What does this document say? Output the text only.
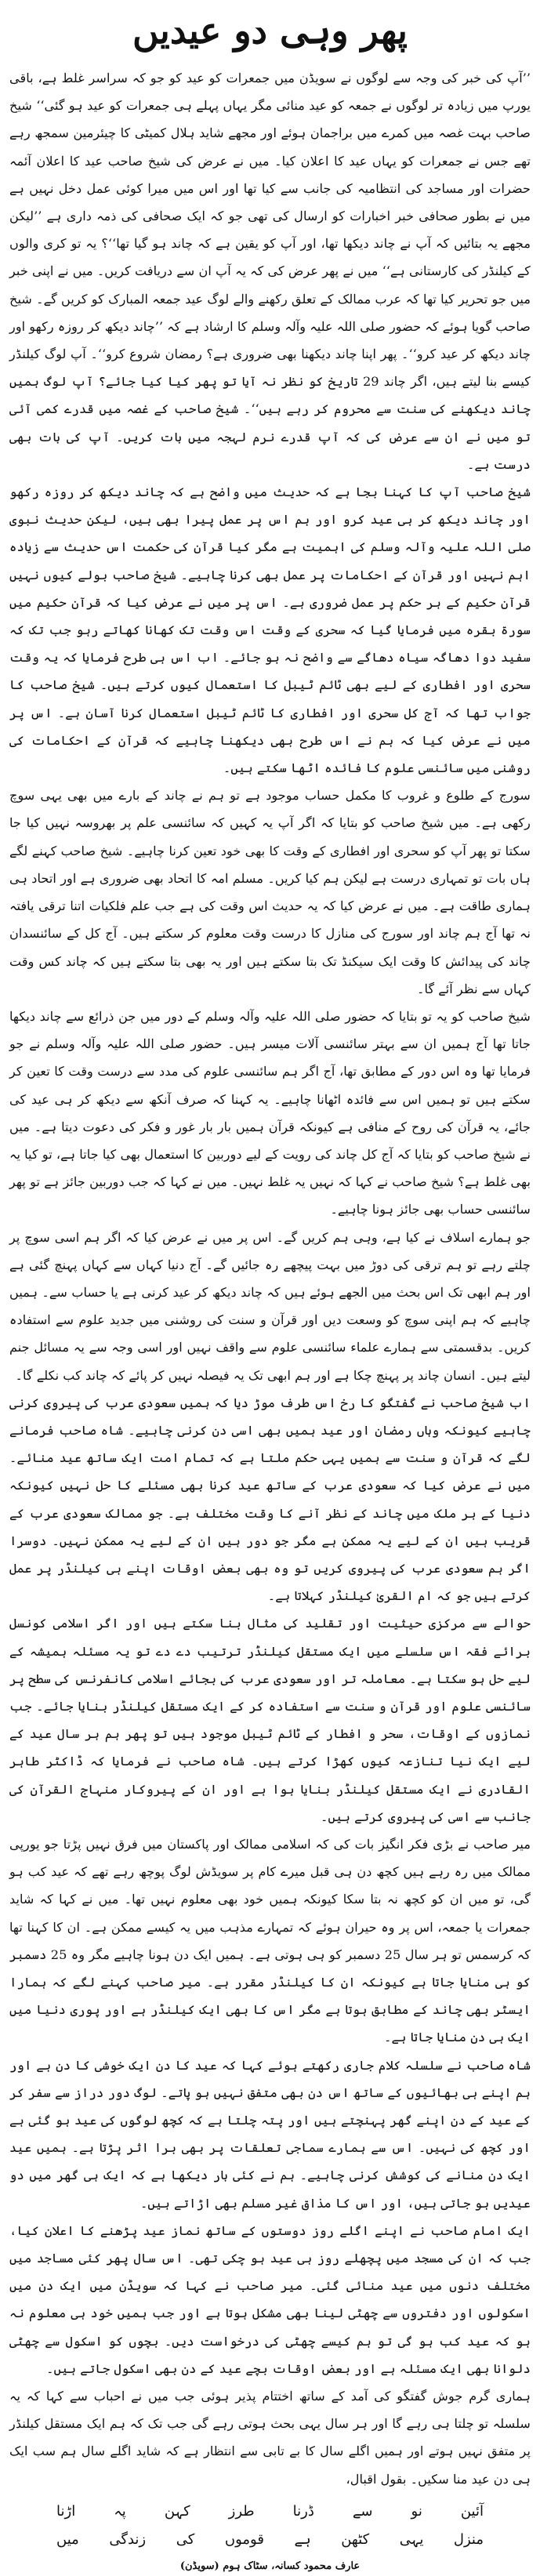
پھر وہی دو عیدیں

’’آپ کی خبر کی وجہ سے لوگوں نے سویڈن میں جمعرات کو عید کو جو کہ سراسر غلط ہے، باقی یورپ میں زیادہ تر لوگوں نے جمعہ کو عید منائی مگر یہاں پہلے ہی جمعرات کو عید ہو گئی‘‘ شیخ صاحب بہت غصہ میں کمرے میں براجمان ہوئے اور مجھے شاید ہلال کمیٹی کا چیئرمین سمجھ رہے تھے جس نے جمعرات کو یہاں عید کا اعلان کیا۔ میں نے عرض کی شیخ صاحب عید کا اعلان آئمہ حضرات اور مساجد کی انتظامیہ کی جانب سے کیا تھا اور اس میں میرا کوئی عمل دخل نہیں ہے میں نے بطور صحافی خبر اخبارات کو ارسال کی تھی جو کہ ایک صحافی کی ذمہ داری ہے ’’لیکن مجھے یہ بتائیں کہ آپ نے چاند دیکھا تھا، اور آپ کو یقین ہے کہ چاند ہو گیا تھا‘‘؟ یہ تو کری والوں کے کیلنڈر کی کارستانی ہے‘‘ میں نے پھر عرض کی کہ یہ آپ ان سے دریافت کریں۔ میں نے اپنی خبر میں جو تحریر کیا تھا کہ عرب ممالک کے تعلق رکھنے والے لوگ عید جمعہ المبارک کو کریں گے۔ شیخ صاحب گویا ہوئے کہ حضور صلی اللہ علیہ وآلہ وسلم کا ارشاد ہے کہ ’’چاند دیکھ کر روزہ رکھو اور چاند دیکھ کر عید کرو‘‘۔ پھر اپنا چاند دیکھنا بھی ضروری ہے؟ رمضان شروع کرو‘‘۔ آپ لوگ کیلنڈر کیسے بنا لیتے ہیں، اگر چاند 29 تاریخ کو نظر نہ آیا تو پھر کیا کیا جائے؟ آپ لوگ ہمیں چاند دیکھنے کی سنت سے محروم کر رہے ہیں‘‘۔ شیخ صاحب کے غصہ میں قدرے کمی آئی تو میں نے ان سے عرض کی کہ آپ قدرے نرم لہجہ میں بات کریں۔ آپ کی بات بھی درست ہے۔

شیخ صاحب آپ کا کہنا بجا ہے کہ حدیث میں واضح ہے کہ چاند دیکھ کر روزہ رکھو اور چاند دیکھ کر ہی عید کرو اور ہم اس پر عمل پیرا بھی ہیں، لیکن حدیث نبوی صلی اللہ علیہ وآلہ وسلم کی اہمیت ہے مگر کیا قرآن کی حکمت اس حدیث سے زیادہ اہم نہیں اور قرآن کے احکامات پر عمل بھی کرنا چاہیے۔ شیخ صاحب بولے کیوں نہیں قرآن حکیم کے ہر حکم پر عمل ضروری ہے۔ اس پر میں نے عرض کیا کہ قرآن حکیم میں سورۃ بقرہ میں فرمایا گیا کہ سحری کے وقت اس وقت تک کھانا کھاتے رہو جب تک کہ سفید دوا دھاگہ سیاہ دھاگے سے واضح نہ ہو جائے۔ اب اس ہی طرح فرمایا کہ یہ وقت سحری اور افطاری کے لیے بھی ٹائم ٹیبل کا استعمال کیوں کرتے ہیں۔ شیخ صاحب کا جواب تھا کہ آج کل سحری اور افطاری کا ٹائم ٹیبل استعمال کرنا آسان ہے۔ اس پر میں نے عرض کیا کہ ہم نے اس طرح بھی دیکھنا چاہیے کہ قرآن کے احکامات کی روشنی میں سائنسی علوم کا فائدہ اٹھا سکتے ہیں۔

سورج کے طلوع و غروب کا مکمل حساب موجود ہے تو ہم نے چاند کے بارے میں بھی یہی سوچ رکھی ہے۔ میں شیخ صاحب کو بتایا کہ اگر آپ یہ کہیں کہ سائنسی علم پر بھروسہ نہیں کیا جا سکتا تو پھر آپ کو سحری اور افطاری کے وقت کا بھی خود تعین کرنا چاہیے۔ شیخ صاحب کہنے لگے ہاں بات تو تمہاری درست ہے لیکن ہم کیا کریں۔ مسلم امہ کا اتحاد بھی ضروری ہے اور اتحاد ہی ہماری طاقت ہے۔ میں نے عرض کیا کہ یہ حدیث اس وقت کی ہے جب علم فلکیات اتنا ترقی یافتہ نہ تھا آج ہم چاند اور سورج کی منازل کا درست وقت معلوم کر سکتے ہیں۔ آج کل کے سائنسدان چاند کی پیدائش کا وقت ایک سیکنڈ تک بتا سکتے ہیں اور یہ بھی بتا سکتے ہیں کہ چاند کس وقت کہاں سے نظر آئے گا۔

شیخ صاحب کو یہ تو بتایا کہ حضور صلی اللہ علیہ وآلہ وسلم کے دور میں جن ذرائع سے چاند دیکھا جاتا تھا آج ہمیں ان سے بہتر سائنسی آلات میسر ہیں۔ حضور صلی اللہ علیہ وآلہ وسلم نے جو فرمایا تھا وہ اس دور کے مطابق تھا، آج اگر ہم سائنسی علوم کی مدد سے درست وقت کا تعین کر سکتے ہیں تو ہمیں اس سے فائدہ اٹھانا چاہیے۔ یہ کہنا کہ صرف آنکھ سے دیکھ کر ہی عید کی جائے، یہ قرآن کی روح کے منافی ہے کیونکہ قرآن ہمیں بار بار غور و فکر کی دعوت دیتا ہے۔ میں نے شیخ صاحب کو بتایا کہ آج کل چاند کی رویت کے لیے دوربین کا استعمال بھی کیا جاتا ہے، تو کیا یہ بھی غلط ہے؟ شیخ صاحب نے کہا کہ نہیں یہ غلط نہیں۔ میں نے کہا کہ جب دوربین جائز ہے تو پھر سائنسی حساب بھی جائز ہونا چاہیے۔

جو ہمارے اسلاف نے کیا ہے، وہی ہم کریں گے۔ اس پر میں نے عرض کیا کہ اگر ہم اسی سوچ پر چلتے رہے تو ہم ترقی کی دوڑ میں بہت پیچھے رہ جائیں گے۔ آج دنیا کہاں سے کہاں پہنچ گئی ہے اور ہم ابھی تک اس بحث میں الجھے ہوئے ہیں کہ چاند دیکھ کر عید کرنی ہے یا حساب سے۔ ہمیں چاہیے کہ ہم اپنی سوچ کو وسعت دیں اور قرآن و سنت کی روشنی میں جدید علوم سے استفادہ کریں۔ بدقسمتی سے ہمارے علماء سائنسی علوم سے واقف نہیں اور اسی وجہ سے یہ مسائل جنم لیتے ہیں۔ انسان چاند پر پہنچ چکا ہے اور ہم ابھی تک یہ فیصلہ نہیں کر پائے کہ چاند کب نکلے گا۔

اب شیخ صاحب نے گفتگو کا رخ اس طرف موڑ دیا کہ ہمیں سعودی عرب کی پیروی کرنی چاہیے کیونکہ وہاں رمضان اور عید ہمیں بھی اسی دن کرنی چاہیے۔ شاہ صاحب فرمانے لگے کہ قرآن و سنت سے ہمیں یہی حکم ملتا ہے کہ تمام امت ایک ساتھ عید منائے۔ میں نے عرض کیا کہ سعودی عرب کے ساتھ عید کرنا بھی مسئلے کا حل نہیں کیونکہ دنیا کے ہر ملک میں چاند کے نظر آنے کا وقت مختلف ہے۔ جو ممالک سعودی عرب کے قریب ہیں ان کے لیے یہ ممکن ہے مگر جو دور ہیں ان کے لیے یہ ممکن نہیں۔ دوسرا اگر ہم سعودی عرب کی پیروی کریں تو وہ بھی بعض اوقات اپنے ہی کیلنڈر پر عمل کرتے ہیں جو کہ ام القریٰ کیلنڈر کہلاتا ہے۔

حوالے سے مرکزی حیثیت اور تقلید کی مثال بنا سکتے ہیں اور اگر اسلامی کونسل برائے فقہ اس سلسلے میں ایک مستقل کیلنڈر ترتیب دے دے تو یہ مسئلہ ہمیشہ کے لیے حل ہو سکتا ہے۔ معاملہ تر اور سعودی عرب کی بجائے اسلامی کانفرنس کی سطح پر سائنسی علوم اور قرآن و سنت سے استفادہ کر کے ایک مستقل کیلنڈر بنایا جائے۔ جب نمازوں کے اوقات، سحر و افطار کے ٹائم ٹیبل موجود ہیں تو پھر ہم ہر سال عید کے لیے ایک نیا تنازعہ کیوں کھڑا کرتے ہیں۔ شاہ صاحب نے فرمایا کہ ڈاکٹر طاہر القادری نے ایک مستقل کیلنڈر بنایا ہوا ہے اور ان کے پیروکار منہاج القرآن کی جانب سے اسی کی پیروی کرتے ہیں۔

میر صاحب نے بڑی فکر انگیز بات کی کہ اسلامی ممالک اور پاکستان میں فرق نہیں پڑتا جو یورپی ممالک میں رہ رہے ہیں کچھ دن ہی قبل میرے کام پر سویڈش لوگ پوچھ رہے تھے کہ عید کب ہو گی، تو میں ان کو کچھ نہ بتا سکا کیونکہ ہمیں خود بھی معلوم نہیں تھا۔ میں نے کہا کہ شاید جمعرات یا جمعہ، اس پر وہ حیران ہوئے کہ تمہارے مذہب میں یہ کیسے ممکن ہے۔ ان کا کہنا تھا کہ کرسمس تو ہر سال 25 دسمبر کو ہی ہوتی ہے۔ ہمیں ایک دن ہونا چاہیے مگر وہ 25 دسمبر کو ہی منایا جاتا ہے کیونکہ ان کا کیلنڈر مقرر ہے۔ میر صاحب کہنے لگے کہ ہمارا ایسٹر بھی چاند کے مطابق ہوتا ہے مگر اس کا بھی ایک کیلنڈر ہے اور پوری دنیا میں ایک ہی دن منایا جاتا ہے۔

شاہ صاحب نے سلسلہ کلام جاری رکھتے ہوئے کہا کہ عید کا دن ایک خوشی کا دن ہے اور ہم اپنے ہی بھائیوں کے ساتھ اس دن بھی متفق نہیں ہو پاتے۔ لوگ دور دراز سے سفر کر کے عید کے دن اپنے گھر پہنچتے ہیں اور پتہ چلتا ہے کہ کچھ لوگوں کی عید ہو گئی ہے اور کچھ کی نہیں۔ اس سے ہمارے سماجی تعلقات پر بھی برا اثر پڑتا ہے۔ ہمیں عید ایک دن منانے کی کوشش کرنی چاہیے۔ ہم نے کئی بار دیکھا ہے کہ ایک ہی گھر میں دو عیدیں ہو جاتی ہیں، اور اس کا مذاق غیر مسلم بھی اڑاتے ہیں۔

ایک امام صاحب نے اپنے اگلے روز دوستوں کے ساتھ نماز عید پڑھنے کا اعلان کیا، جب کہ ان کی مسجد میں پچھلے روز ہی عید ہو چکی تھی۔ اس سال پھر کئی مساجد میں مختلف دنوں میں عید منائی گئی۔ میر صاحب نے کہا کہ سویڈن میں ایک دن میں اسکولوں اور دفتروں سے چھٹی لینا بھی مشکل ہوتا ہے اور جب ہمیں خود ہی معلوم نہ ہو کہ عید کب ہو گی تو ہم کیسے چھٹی کی درخواست دیں۔ بچوں کو اسکول سے چھٹی دلوانا بھی ایک مسئلہ ہے اور بعض اوقات بچے عید کے دن بھی اسکول جاتے ہیں۔

ہماری گرم جوش گفتگو کی آمد کے ساتھ اختتام پذیر ہوئی جب میں نے احباب سے کہا کہ یہ سلسلہ تو چلتا ہی رہے گا اور ہر سال یہی بحث ہوتی رہے گی جب تک کہ ہم ایک مستقل کیلنڈر پر متفق نہیں ہوتے اور ہمیں اگلے سال کا بے تابی سے انتظار ہے کہ شاید اگلے سال ہم سب ایک ہی دن عید منا سکیں۔ بقول اقبال،

آئین
نو
سے
ڈرنا
طرز
کہن
پہ
اڑنا
منزل
یہی
کٹھن
ہے
قوموں
کی
زندگی
میں
عارف محمود کسانہ، سٹاک ہوم (سویڈن)
